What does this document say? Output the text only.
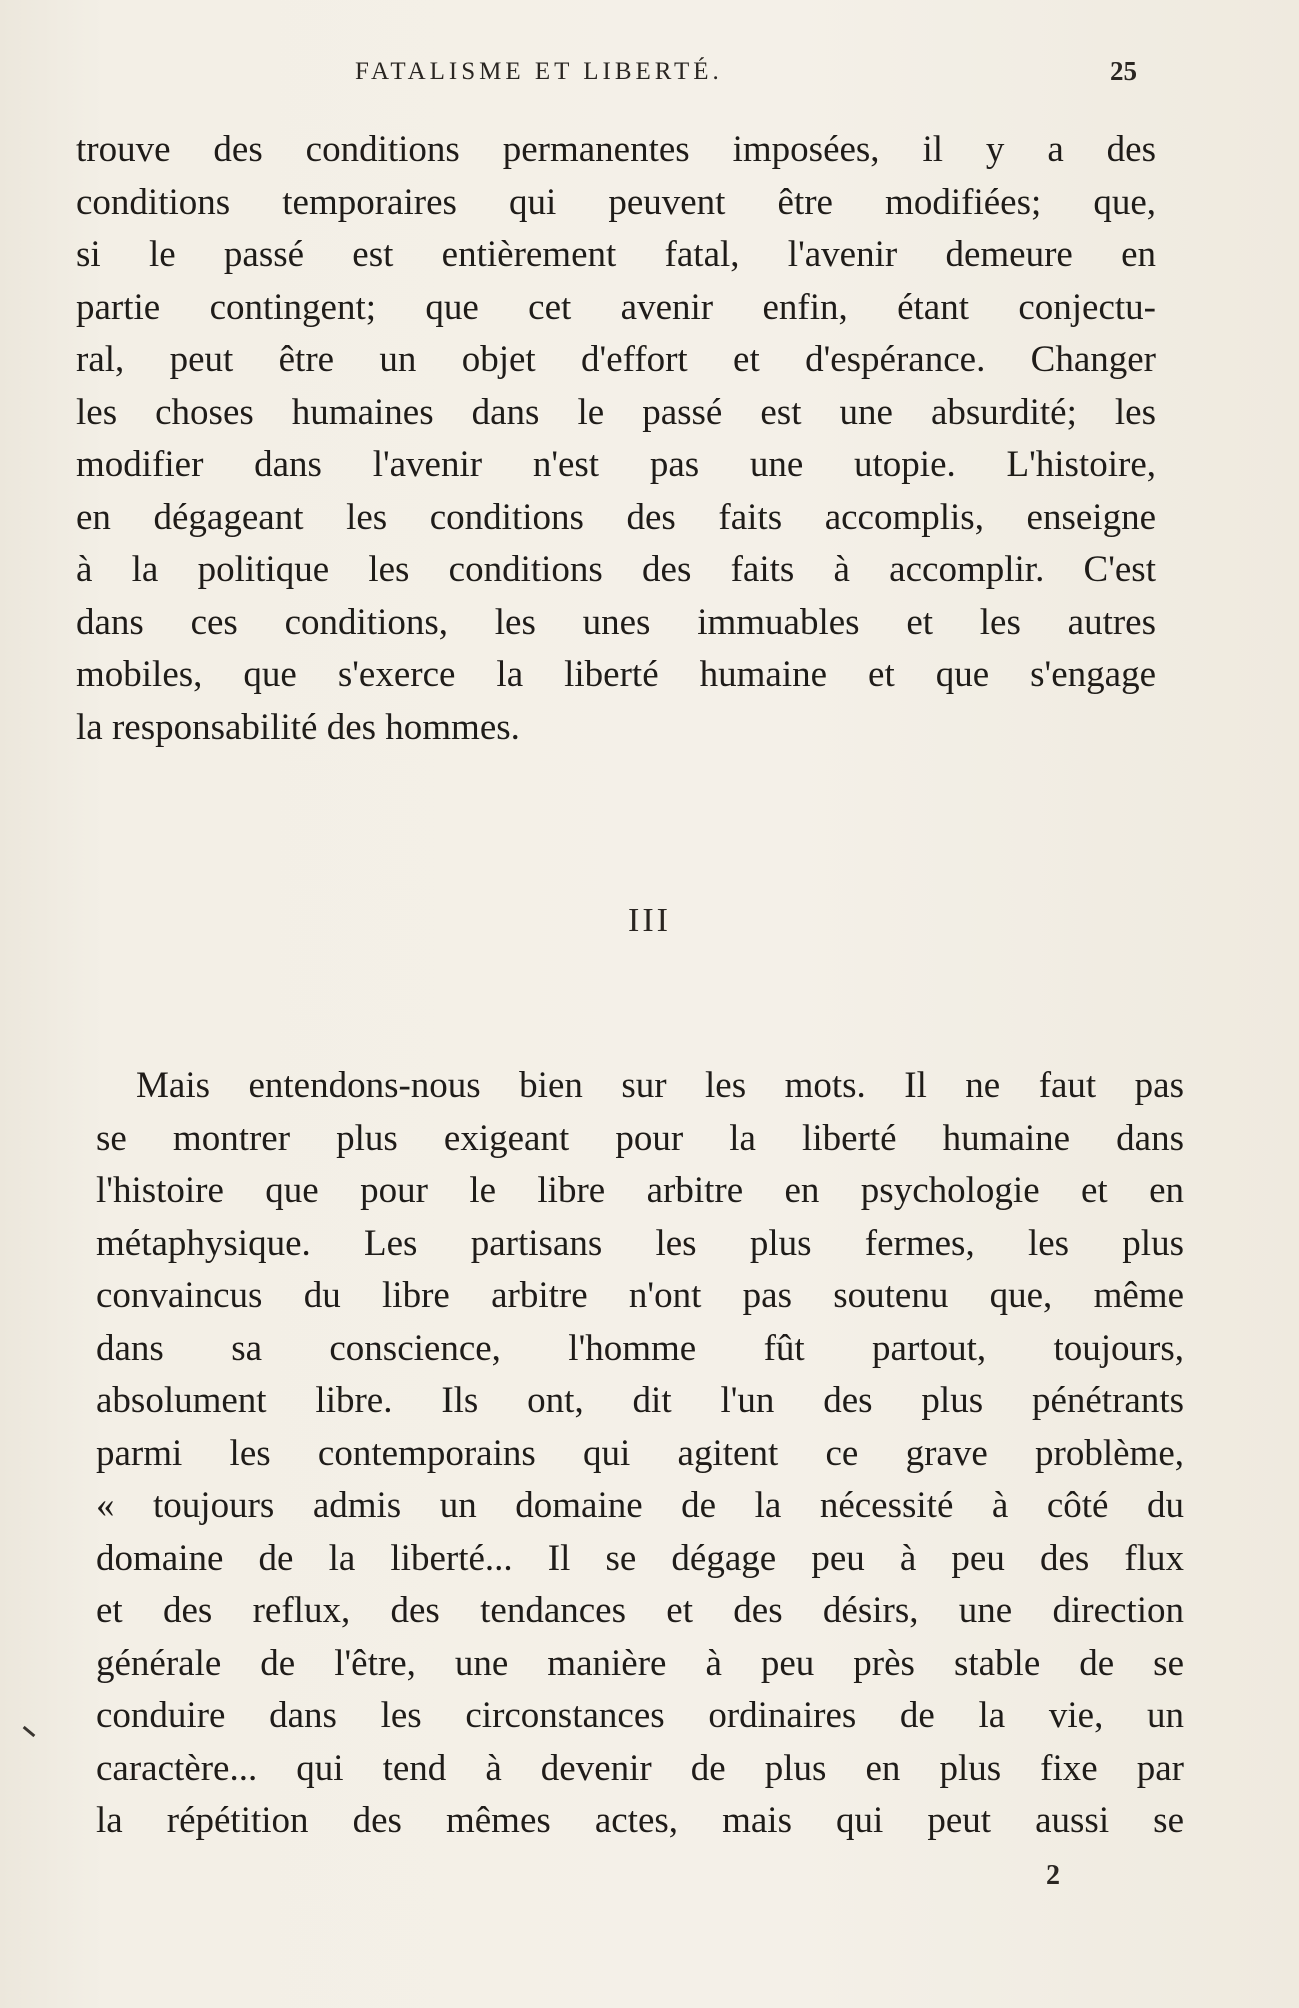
FATALISME ET LIBERTÉ.	25
trouve des conditions permanentes imposées, il y a des
conditions temporaires qui peuvent être modifiées; que,
si le passé est entièrement fatal, l'avenir demeure en
partie contingent; que cet avenir enfin, étant conjectu-
ral, peut être un objet d'effort et d'espérance. Changer
les choses humaines dans le passé est une absurdité; les
modifier dans l'avenir n'est pas une utopie. L'histoire,
en dégageant les conditions des faits accomplis, enseigne
à la politique les conditions des faits à accomplir. C'est
dans ces conditions, les unes immuables et les autres
mobiles, que s'exerce la liberté humaine et que s'engage
la responsabilité des hommes.
III
Mais entendons-nous bien sur les mots. Il ne faut pas
se montrer plus exigeant pour la liberté humaine dans
l'histoire que pour le libre arbitre en psychologie et en
métaphysique. Les partisans les plus fermes, les plus
convaincus du libre arbitre n'ont pas soutenu que, même
dans sa conscience, l'homme fût partout, toujours,
absolument libre. Ils ont, dit l'un des plus pénétrants
parmi les contemporains qui agitent ce grave problème,
« toujours admis un domaine de la nécessité à côté du
domaine de la liberté... Il se dégage peu à peu des flux
et des reflux, des tendances et des désirs, une direction
générale de l'être, une manière à peu près stable de se
conduire dans les circonstances ordinaires de la vie, un
caractère... qui tend à devenir de plus en plus fixe par
la répétition des mêmes actes, mais qui peut aussi se
2
